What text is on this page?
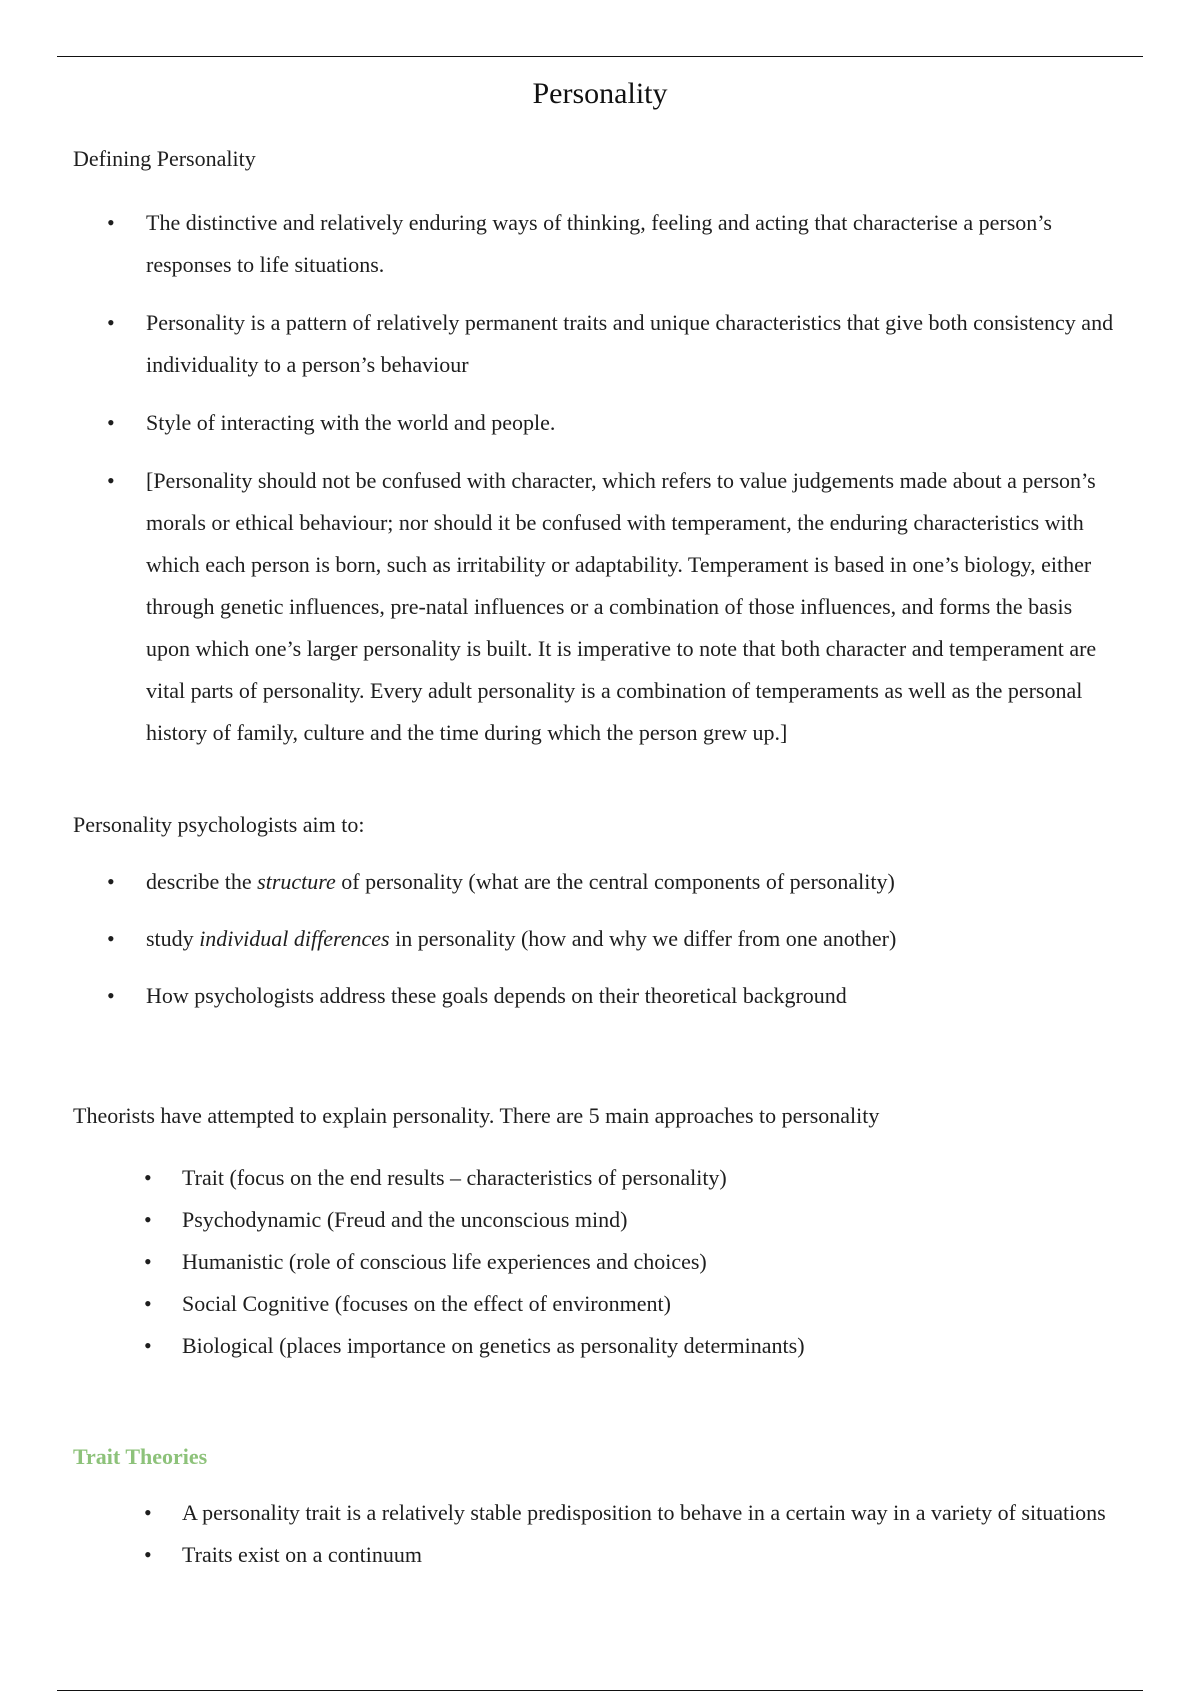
Personality

Defining Personality

• The distinctive and relatively enduring ways of thinking, feeling and acting that characterise a person’s responses to life situations.
• Personality is a pattern of relatively permanent traits and unique characteristics that give both consistency and individuality to a person’s behaviour
• Style of interacting with the world and people.
• [Personality should not be confused with character, which refers to value judgements made about a person’s morals or ethical behaviour; nor should it be confused with temperament, the enduring characteristics with which each person is born, such as irritability or adaptability. Temperament is based in one’s biology, either through genetic influences, pre-natal influences or a combination of those influences, and forms the basis upon which one’s larger personality is built. It is imperative to note that both character and temperament are vital parts of personality. Every adult personality is a combination of temperaments as well as the personal history of family, culture and the time during which the person grew up.]

Personality psychologists aim to:

• describe the structure of personality (what are the central components of personality)
• study individual differences in personality (how and why we differ from one another)
• How psychologists address these goals depends on their theoretical background

Theorists have attempted to explain personality. There are 5 main approaches to personality

• Trait (focus on the end results – characteristics of personality)
• Psychodynamic (Freud and the unconscious mind)
• Humanistic (role of conscious life experiences and choices)
• Social Cognitive (focuses on the effect of environment)
• Biological (places importance on genetics as personality determinants)
Trait Theories
• A personality trait is a relatively stable predisposition to behave in a certain way in a variety of situations
• Traits exist on a continuum
